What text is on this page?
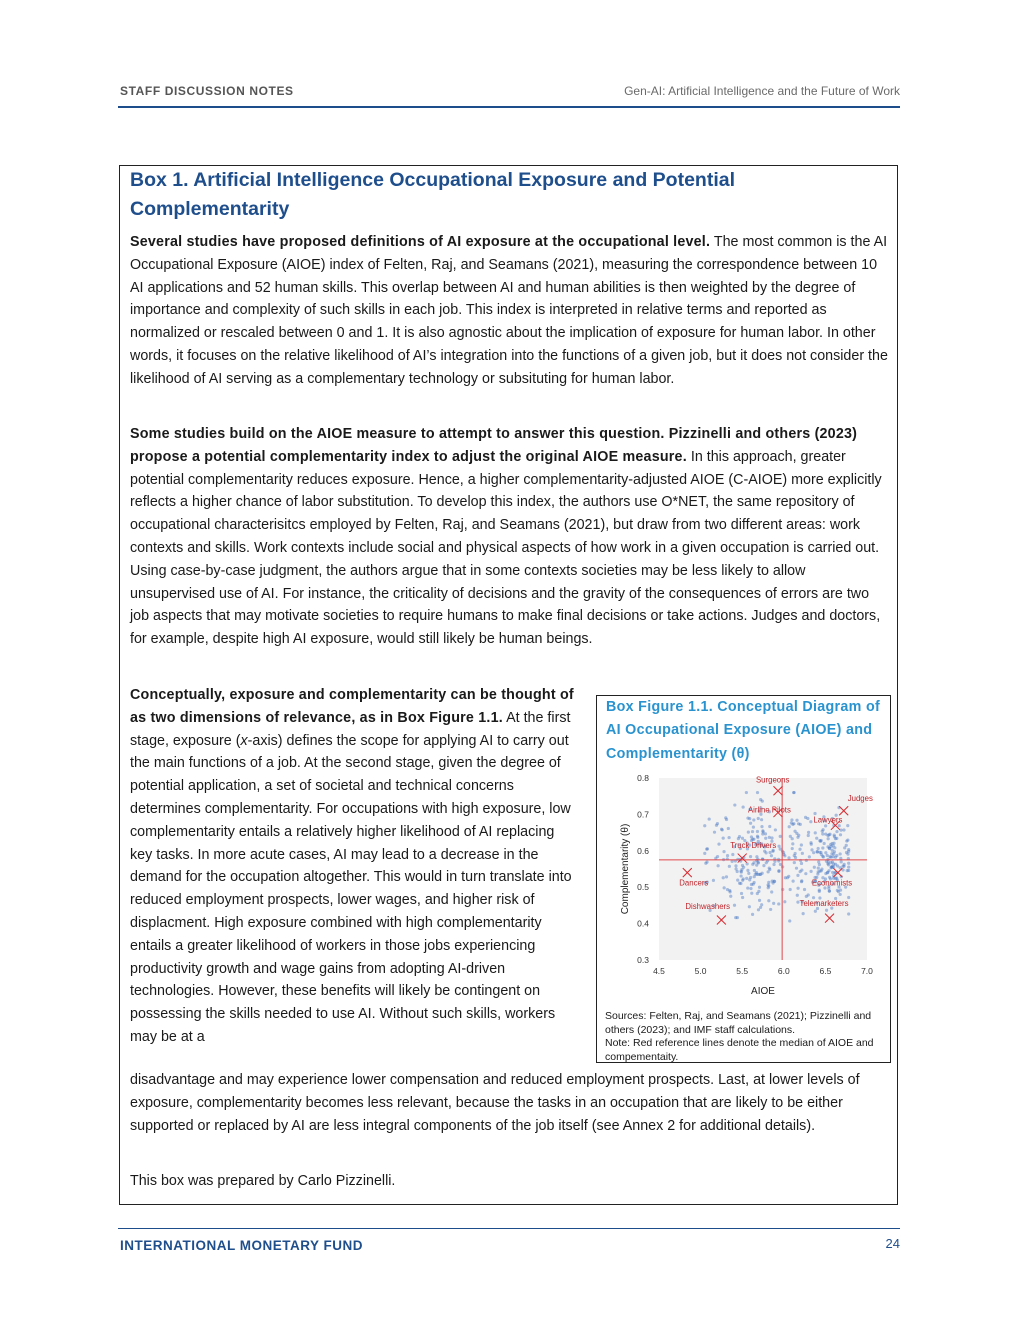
STAFF DISCUSSION NOTES	Gen-AI: Artificial Intelligence and the Future of Work
Box 1. Artificial Intelligence Occupational Exposure and Potential Complementarity

Several studies have proposed definitions of AI exposure at the occupational level. The most common is the AI Occupational Exposure (AIOE) index of Felten, Raj, and Seamans (2021), measuring the correspondence between 10 AI applications and 52 human skills. This overlap between AI and human abilities is then weighted by the degree of importance and complexity of such skills in each job. This index is interpreted in relative terms and reported as normalized or rescaled between 0 and 1. It is also agnostic about the implication of exposure for human labor. In other words, it focuses on the relative likelihood of AI’s integration into the functions of a given job, but it does not consider the likelihood of AI serving as a complementary technology or subsituting for human labor.

Some studies build on the AIOE measure to attempt to answer this question. Pizzinelli and others (2023) propose a potential complementarity index to adjust the original AIOE measure. In this approach, greater potential complementarity reduces exposure. Hence, a higher complementarity-adjusted AIOE (C-AIOE) more explicitly reflects a higher chance of labor substitution. To develop this index, the authors use O*NET, the same repository of occupational characterisitcs employed by Felten, Raj, and Seamans (2021), but draw from two different areas: work contexts and skills. Work contexts include social and physical aspects of how work in a given occupation is carried out. Using case-by-case judgment, the authors argue that in some contexts societies may be less likely to allow unsupervised use of AI. For instance, the criticality of decisions and the gravity of the consequences of errors are two job aspects that may motivate societies to require humans to make final decisions or take actions. Judges and doctors, for example, despite high AI exposure, would still likely be human beings.

Conceptually, exposure and complementarity can be thought of as two dimensions of relevance, as in Box Figure 1.1. At the first stage, exposure (x-axis) defines the scope for applying AI to carry out the main functions of a job. At the second stage, given the degree of potential application, a set of societal and technical concerns determines complementarity. For occupations with high exposure, low complementarity entails a relatively higher likelihood of AI replacing key tasks. In more acute cases, AI may lead to a decrease in the demand for the occupation altogether. This would in turn translate into reduced employment prospects, lower wages, and higher risk of displacment. High exposure combined with high complementarity entails a greater likelihood of workers in those jobs experiencing productivity growth and wage gains from adopting AI-driven technologies. However, these benefits will likely be contingent on possessing the skills needed to use AI. Without such skills, workers may be at a

disadvantage and may experience lower compensation and reduced employment prospects. Last, at lower levels of exposure, complementarity becomes less relevant, because the tasks in an occupation that are likely to be either supported or replaced by AI are less integral components of the job itself (see Annex 2 for additional details).

This box was prepared by Carlo Pizzinelli.

Box Figure 1.1. Conceptual Diagram of AI Occupational Exposure (AIOE) and Complementarity (θ)
4.5	5.0	5.5	6.0	6.5	7.0
0.3
0.4
0.5
0.6
0.7
0.8
AIOE
Complementarity (θ)
Surgeons
Judges
Airline Pilots
Lawyers
Truck Drivers
Dancers	Economists
Dishwashers	Telemarketers
Sources: Felten, Raj, and Seamans (2021); Pizzinelli and others (2023); and IMF staff calculations.
Note: Red reference lines denote the median of AIOE and compementaity.
INTERNATIONAL MONETARY FUND	24
